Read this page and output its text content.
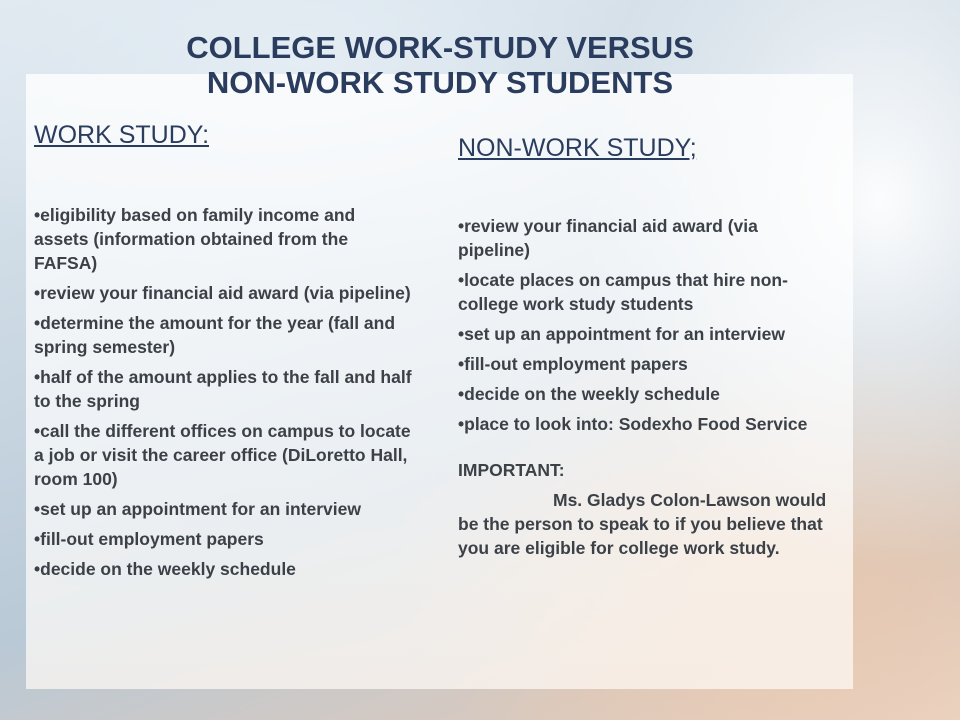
COLLEGE WORK-STUDY VERSUS
NON-WORK STUDY STUDENTS
WORK STUDY:
•eligibility based on family income and assets (information obtained from the FAFSA)
•review your financial aid award (via pipeline)
•determine the amount for the year (fall and spring semester)
•half of the amount applies to the fall and half to the spring
•call the different offices on campus to locate a job or visit the career office (DiLoretto Hall, room 100)
•set up an appointment for an interview
•fill-out employment papers
•decide on the weekly schedule
NON-WORK STUDY;
•review your financial aid award (via pipeline)
•locate places on campus that hire non-college work study students
•set up an appointment for an interview
•fill-out employment papers
•decide on the weekly schedule
•place to look into: Sodexho Food Service
IMPORTANT:
Ms. Gladys Colon-Lawson would be the person to speak to if you believe that you are eligible for college work study.
